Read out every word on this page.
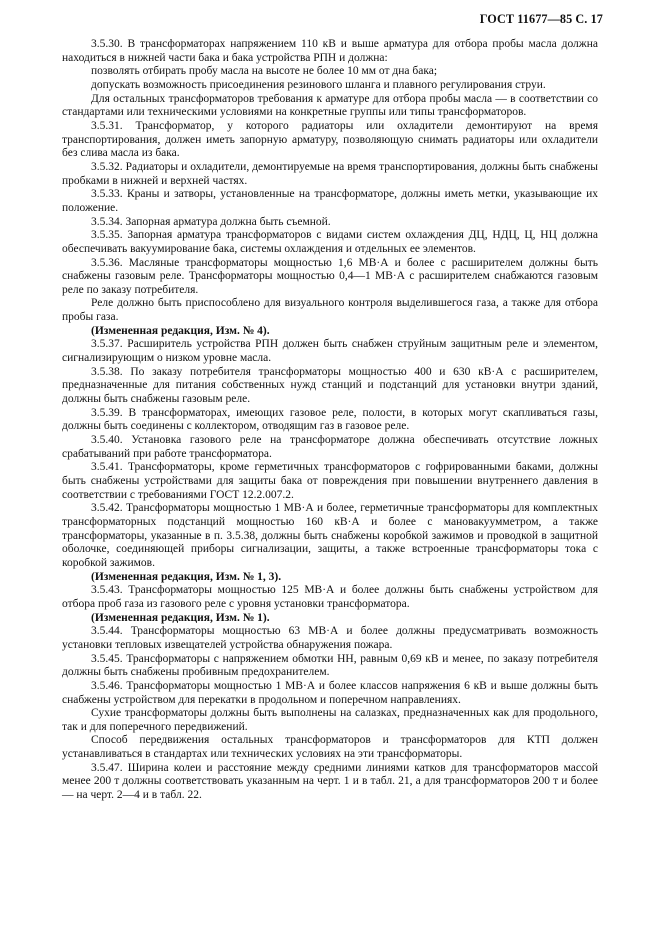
ГОСТ 11677—85 С. 17

3.5.30. В трансформаторах напряжением 110 кВ и выше арматура для отбора пробы масла должна находиться в нижней части бака и бака устройства РПН и должна:

позволять отбирать пробу масла на высоте не более 10 мм от дна бака;

допускать возможность присоединения резинового шланга и плавного регулирования струи.

Для остальных трансформаторов требования к арматуре для отбора пробы масла — в соответствии со стандартами или техническими условиями на конкретные группы или типы трансформаторов.

3.5.31. Трансформатор, у которого радиаторы или охладители демонтируют на время транспортирования, должен иметь запорную арматуру, позволяющую снимать радиаторы или охладители без слива масла из бака.

3.5.32. Радиаторы и охладители, демонтируемые на время транспортирования, должны быть снабжены пробками в нижней и верхней частях.

3.5.33. Краны и затворы, установленные на трансформаторе, должны иметь метки, указывающие их положение.

3.5.34. Запорная арматура должна быть съемной.

3.5.35. Запорная арматура трансформаторов с видами систем охлаждения ДЦ, НДЦ, Ц, НЦ должна обеспечивать вакуумирование бака, системы охлаждения и отдельных ее элементов.

3.5.36. Масляные трансформаторы мощностью 1,6 МВ·А и более с расширителем должны быть снабжены газовым реле. Трансформаторы мощностью 0,4—1 МВ·А с расширителем снабжаются газовым реле по заказу потребителя.

Реле должно быть приспособлено для визуального контроля выделившегося газа, а также для отбора пробы газа.

(Измененная редакция, Изм. № 4).

3.5.37. Расширитель устройства РПН должен быть снабжен струйным защитным реле и элементом, сигнализирующим о низком уровне масла.

3.5.38. По заказу потребителя трансформаторы мощностью 400 и 630 кВ·А с расширителем, предназначенные для питания собственных нужд станций и подстанций для установки внутри зданий, должны быть снабжены газовым реле.

3.5.39. В трансформаторах, имеющих газовое реле, полости, в которых могут скапливаться газы, должны быть соединены с коллектором, отводящим газ в газовое реле.

3.5.40. Установка газового реле на трансформаторе должна обеспечивать отсутствие ложных срабатываний при работе трансформатора.

3.5.41. Трансформаторы, кроме герметичных трансформаторов с гофрированными баками, должны быть снабжены устройствами для защиты бака от повреждения при повышении внутреннего давления в соответствии с требованиями ГОСТ 12.2.007.2.

3.5.42. Трансформаторы мощностью 1 МВ·А и более, герметичные трансформаторы для комплектных трансформаторных подстанций мощностью 160 кВ·А и более с мановакуумметром, а также трансформаторы, указанные в п. 3.5.38, должны быть снабжены коробкой зажимов и проводкой в защитной оболочке, соединяющей приборы сигнализации, защиты, а также встроенные трансформаторы тока с коробкой зажимов.

(Измененная редакция, Изм. № 1, 3).

3.5.43. Трансформаторы мощностью 125 МВ·А и более должны быть снабжены устройством для отбора проб газа из газового реле с уровня установки трансформатора.

(Измененная редакция, Изм. № 1).

3.5.44. Трансформаторы мощностью 63 МВ·А и более должны предусматривать возможность установки тепловых извещателей устройства обнаружения пожара.

3.5.45. Трансформаторы с напряжением обмотки НН, равным 0,69 кВ и менее, по заказу потребителя должны быть снабжены пробивным предохранителем.

3.5.46. Трансформаторы мощностью 1 МВ·А и более классов напряжения 6 кВ и выше должны быть снабжены устройством для перекатки в продольном и поперечном направлениях.

Сухие трансформаторы должны быть выполнены на салазках, предназначенных как для продольного, так и для поперечного передвижений.

Способ передвижения остальных трансформаторов и трансформаторов для КТП должен устанавливаться в стандартах или технических условиях на эти трансформаторы.

3.5.47. Ширина колеи и расстояние между средними линиями катков для трансформаторов массой менее 200 т должны соответствовать указанным на черт. 1 и в табл. 21, а для трансформаторов 200 т и более — на черт. 2—4 и в табл. 22.
